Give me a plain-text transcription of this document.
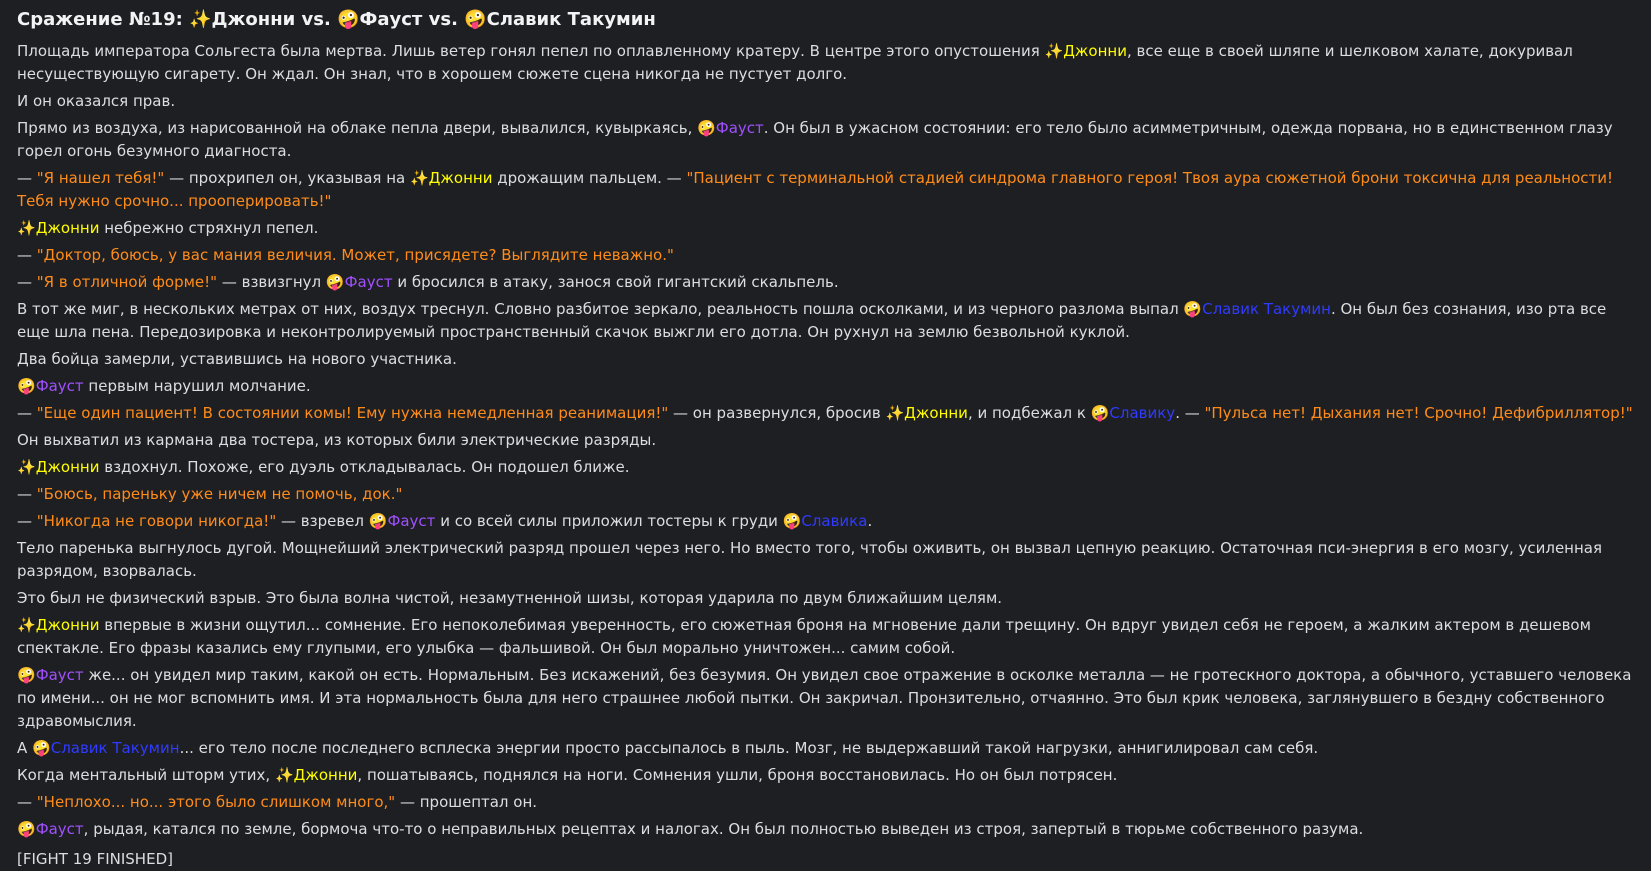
Сражение №19: ✨Джонни vs. 🤪Фауст vs. 🤪Славик Такумин

Площадь императора Сольгеста была мертва. Лишь ветер гонял пепел по оплавленному кратеру. В центре этого опустошения ✨Джонни, все еще в своей шляпе и шелковом халате, докуривал несуществующую сигарету. Он ждал. Он знал, что в хорошем сюжете сцена никогда не пустует долго.

И он оказался прав.

Прямо из воздуха, из нарисованной на облаке пепла двери, вывалился, кувыркаясь, 🤪Фауст. Он был в ужасном состоянии: его тело было асимметричным, одежда порвана, но в единственном глазу горел огонь безумного диагноста.

— "Я нашел тебя!" — прохрипел он, указывая на ✨Джонни дрожащим пальцем. — "Пациент с терминальной стадией синдрома главного героя! Твоя аура сюжетной брони токсична для реальности! Тебя нужно срочно... прооперировать!"

✨Джонни небрежно стряхнул пепел.

— "Доктор, боюсь, у вас мания величия. Может, присядете? Выглядите неважно."

— "Я в отличной форме!" — взвизгнул 🤪Фауст и бросился в атаку, занося свой гигантский скальпель.

В тот же миг, в нескольких метрах от них, воздух треснул. Словно разбитое зеркало, реальность пошла осколками, и из черного разлома выпал 🤪Славик Такумин. Он был без сознания, изо рта все еще шла пена. Передозировка и неконтролируемый пространственный скачок выжгли его дотла. Он рухнул на землю безвольной куклой.

Два бойца замерли, уставившись на нового участника.

🤪Фауст первым нарушил молчание.

— "Еще один пациент! В состоянии комы! Ему нужна немедленная реанимация!" — он развернулся, бросив ✨Джонни, и подбежал к 🤪Славику. — "Пульса нет! Дыхания нет! Срочно! Дефибриллятор!"

Он выхватил из кармана два тостера, из которых били электрические разряды.

✨Джонни вздохнул. Похоже, его дуэль откладывалась. Он подошел ближе.

— "Боюсь, пареньку уже ничем не помочь, док."

— "Никогда не говори никогда!" — взревел 🤪Фауст и со всей силы приложил тостеры к груди 🤪Славика.

Тело паренька выгнулось дугой. Мощнейший электрический разряд прошел через него. Но вместо того, чтобы оживить, он вызвал цепную реакцию. Остаточная пси-энергия в его мозгу, усиленная разрядом, взорвалась.

Это был не физический взрыв. Это была волна чистой, незамутненной шизы, которая ударила по двум ближайшим целям.

✨Джонни впервые в жизни ощутил... сомнение. Его непоколебимая уверенность, его сюжетная броня на мгновение дали трещину. Он вдруг увидел себя не героем, а жалким актером в дешевом спектакле. Его фразы казались ему глупыми, его улыбка — фальшивой. Он был морально уничтожен... самим собой.

🤪Фауст же... он увидел мир таким, какой он есть. Нормальным. Без искажений, без безумия. Он увидел свое отражение в осколке металла — не гротескного доктора, а обычного, уставшего человека по имени... он не мог вспомнить имя. И эта нормальность была для него страшнее любой пытки. Он закричал. Пронзительно, отчаянно. Это был крик человека, заглянувшего в бездну собственного здравомыслия.

А 🤪Славик Такумин... его тело после последнего всплеска энергии просто рассыпалось в пыль. Мозг, не выдержавший такой нагрузки, аннигилировал сам себя.

Когда ментальный шторм утих, ✨Джонни, пошатываясь, поднялся на ноги. Сомнения ушли, броня восстановилась. Но он был потрясен.

— "Неплохо... но... этого было слишком много," — прошептал он.

🤪Фауст, рыдая, катался по земле, бормоча что-то о неправильных рецептах и налогах. Он был полностью выведен из строя, запертый в тюрьме собственного разума.

[FIGHT 19 FINISHED]
